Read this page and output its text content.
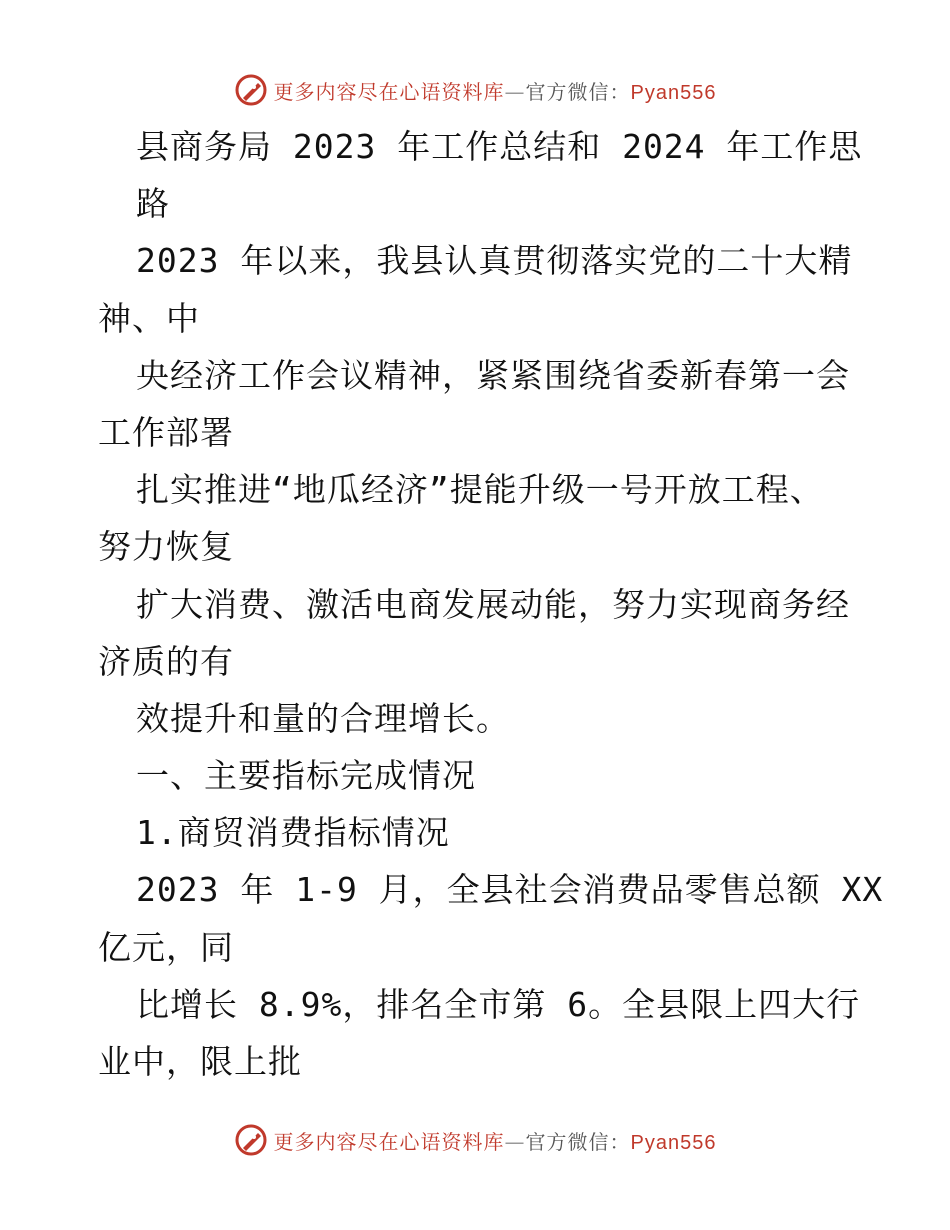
更多内容尽在心语资料库—官方微信：Pyan556
县商务局 2023 年工作总结和 2024 年工作思
路
2023 年以来，我县认真贯彻落实党的二十大精
神、中
央经济工作会议精神，紧紧围绕省委新春第一会
工作部署
扎实推进“地瓜经济”提能升级一号开放工程、
努力恢复
扩大消费、激活电商发展动能，努力实现商务经
济质的有
效提升和量的合理增长。
一、主要指标完成情况
1.商贸消费指标情况
2023 年 1-9 月，全县社会消费品零售总额 XX
亿元，同
比增长 8.9%，排名全市第 6。全县限上四大行
业中，限上批
更多内容尽在心语资料库—官方微信：Pyan556
